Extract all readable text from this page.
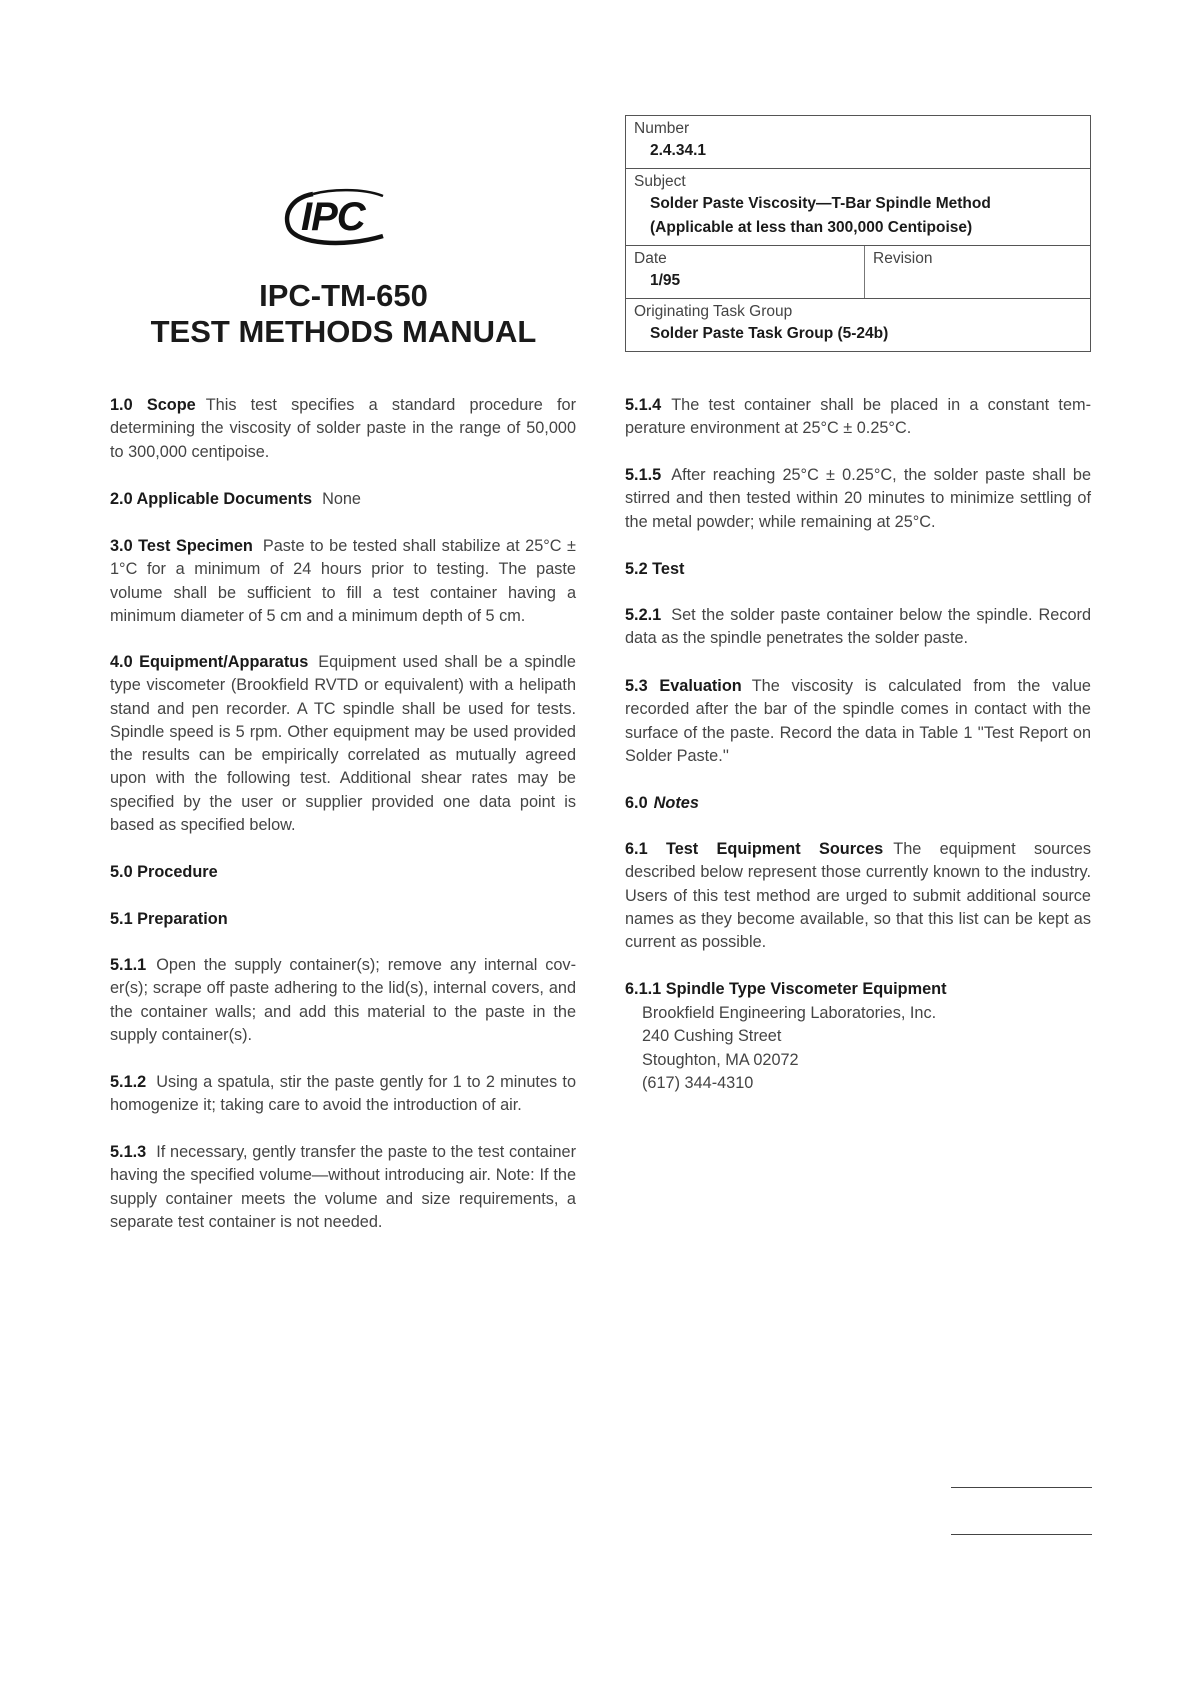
IPC
IPC-TM-650
TEST METHODS MANUAL
Number
2.4.34.1
Subject
Solder Paste Viscosity—T-Bar Spindle Method
(Applicable at less than 300,000 Centipoise)
Date
1/95
Revision
Originating Task Group
Solder Paste Task Group (5-24b)
1.0 Scope This test specifies a standard procedure for determining the viscosity of solder paste in the range of 50,000 to 300,000 centipoise.
2.0 Applicable Documents None
3.0 Test Specimen Paste to be tested shall stabilize at 25°C ± 1°C for a minimum of 24 hours prior to testing. The paste volume shall be sufficient to fill a test container having a minimum diameter of 5 cm and a minimum depth of 5 cm.
4.0 Equipment/Apparatus Equipment used shall be a spindle type viscometer (Brookfield RVTD or equivalent) with a helipath stand and pen recorder. A TC spindle shall be used for tests. Spindle speed is 5 rpm. Other equipment may be used provided the results can be empirically correlated as mutually agreed upon with the following test. Additional shear rates may be specified by the user or supplier provided one data point is based as specified below.
5.0 Procedure
5.1 Preparation
5.1.1 Open the supply container(s); remove any internal cover(s); scrape off paste adhering to the lid(s), internal covers, and the container walls; and add this material to the paste in the supply container(s).
5.1.2 Using a spatula, stir the paste gently for 1 to 2 minutes to homogenize it; taking care to avoid the introduction of air.
5.1.3 If necessary, gently transfer the paste to the test container having the specified volume—without introducing air. Note: If the supply container meets the volume and size requirements, a separate test container is not needed.
5.1.4 The test container shall be placed in a constant temperature environment at 25°C ± 0.25°C.
5.1.5 After reaching 25°C ± 0.25°C, the solder paste shall be stirred and then tested within 20 minutes to minimize settling of the metal powder; while remaining at 25°C.
5.2 Test
5.2.1 Set the solder paste container below the spindle. Record data as the spindle penetrates the solder paste.
5.3 Evaluation The viscosity is calculated from the value recorded after the bar of the spindle comes in contact with the surface of the paste. Record the data in Table 1 ''Test Report on Solder Paste.''
6.0 Notes
6.1 Test Equipment Sources The equipment sources described below represent those currently known to the industry. Users of this test method are urged to submit additional source names as they become available, so that this list can be kept as current as possible.
6.1.1 Spindle Type Viscometer Equipment
Brookfield Engineering Laboratories, Inc.
240 Cushing Street
Stoughton, MA 02072
(617) 344-4310
